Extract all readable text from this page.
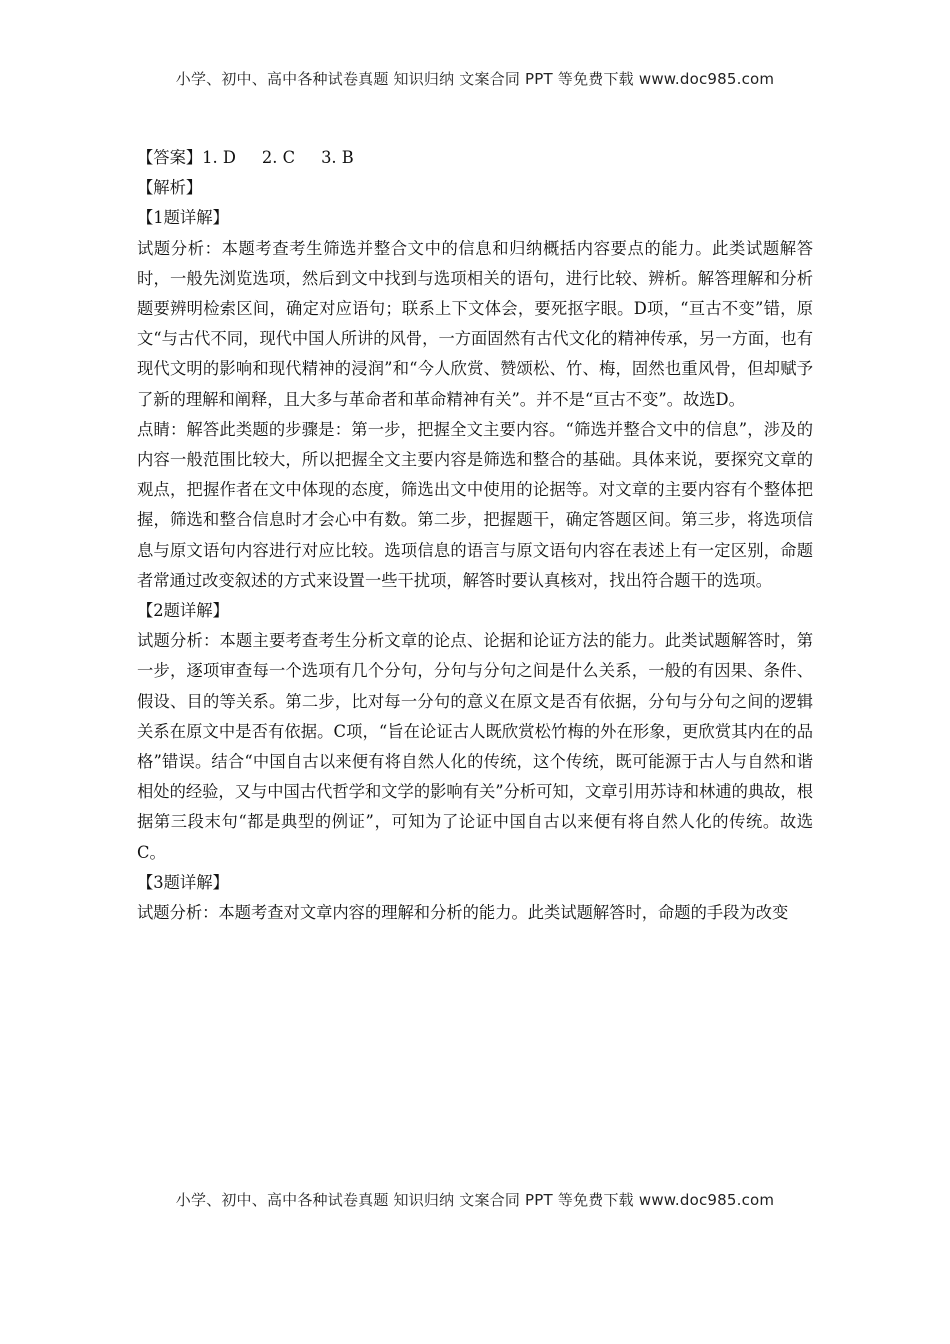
小学、初中、高中各种试卷真题 知识归纳 文案合同 PPT 等免费下载 www.doc985.com

【答案】1. D 2. C 3. B

【解析】

【1题详解】

试题分析：本题考查考生筛选并整合文中的信息和归纳概括内容要点的能力。此类试题解答时，一般先浏览选项，然后到文中找到与选项相关的语句，进行比较、辨析。解答理解和分析题要辨明检索区间，确定对应语句；联系上下文体会，要死抠字眼。D项，“亘古不变”错，原文“与古代不同，现代中国人所讲的风骨，一方面固然有古代文化的精神传承，另一方面，也有现代文明的影响和现代精神的浸润”和“今人欣赏、赞颂松、竹、梅，固然也重风骨，但却赋予了新的理解和阐释，且大多与革命者和革命精神有关”。并不是“亘古不变”。故选D。

点睛：解答此类题的步骤是：第一步，把握全文主要内容。“筛选并整合文中的信息”，涉及的内容一般范围比较大，所以把握全文主要内容是筛选和整合的基础。具体来说，要探究文章的观点，把握作者在文中体现的态度，筛选出文中使用的论据等。对文章的主要内容有个整体把握，筛选和整合信息时才会心中有数。第二步，把握题干，确定答题区间。第三步，将选项信息与原文语句内容进行对应比较。选项信息的语言与原文语句内容在表述上有一定区别，命题者常通过改变叙述的方式来设置一些干扰项，解答时要认真核对，找出符合题干的选项。

【2题详解】

试题分析：本题主要考查考生分析文章的论点、论据和论证方法的能力。此类试题解答时，第一步，逐项审查每一个选项有几个分句，分句与分句之间是什么关系，一般的有因果、条件、假设、目的等关系。第二步，比对每一分句的意义在原文是否有依据，分句与分句之间的逻辑关系在原文中是否有依据。C项，“旨在论证古人既欣赏松竹梅的外在形象，更欣赏其内在的品格”错误。结合“中国自古以来便有将自然人化的传统，这个传统，既可能源于古人与自然和谐相处的经验，又与中国古代哲学和文学的影响有关”分析可知，文章引用苏诗和林逋的典故，根据第三段末句“都是典型的例证”，可知为了论证中国自古以来便有将自然人化的传统。故选C。

【3题详解】

试题分析：本题考查对文章内容的理解和分析的能力。此类试题解答时，命题的手段为改变

小学、初中、高中各种试卷真题 知识归纳 文案合同 PPT 等免费下载 www.doc985.com
